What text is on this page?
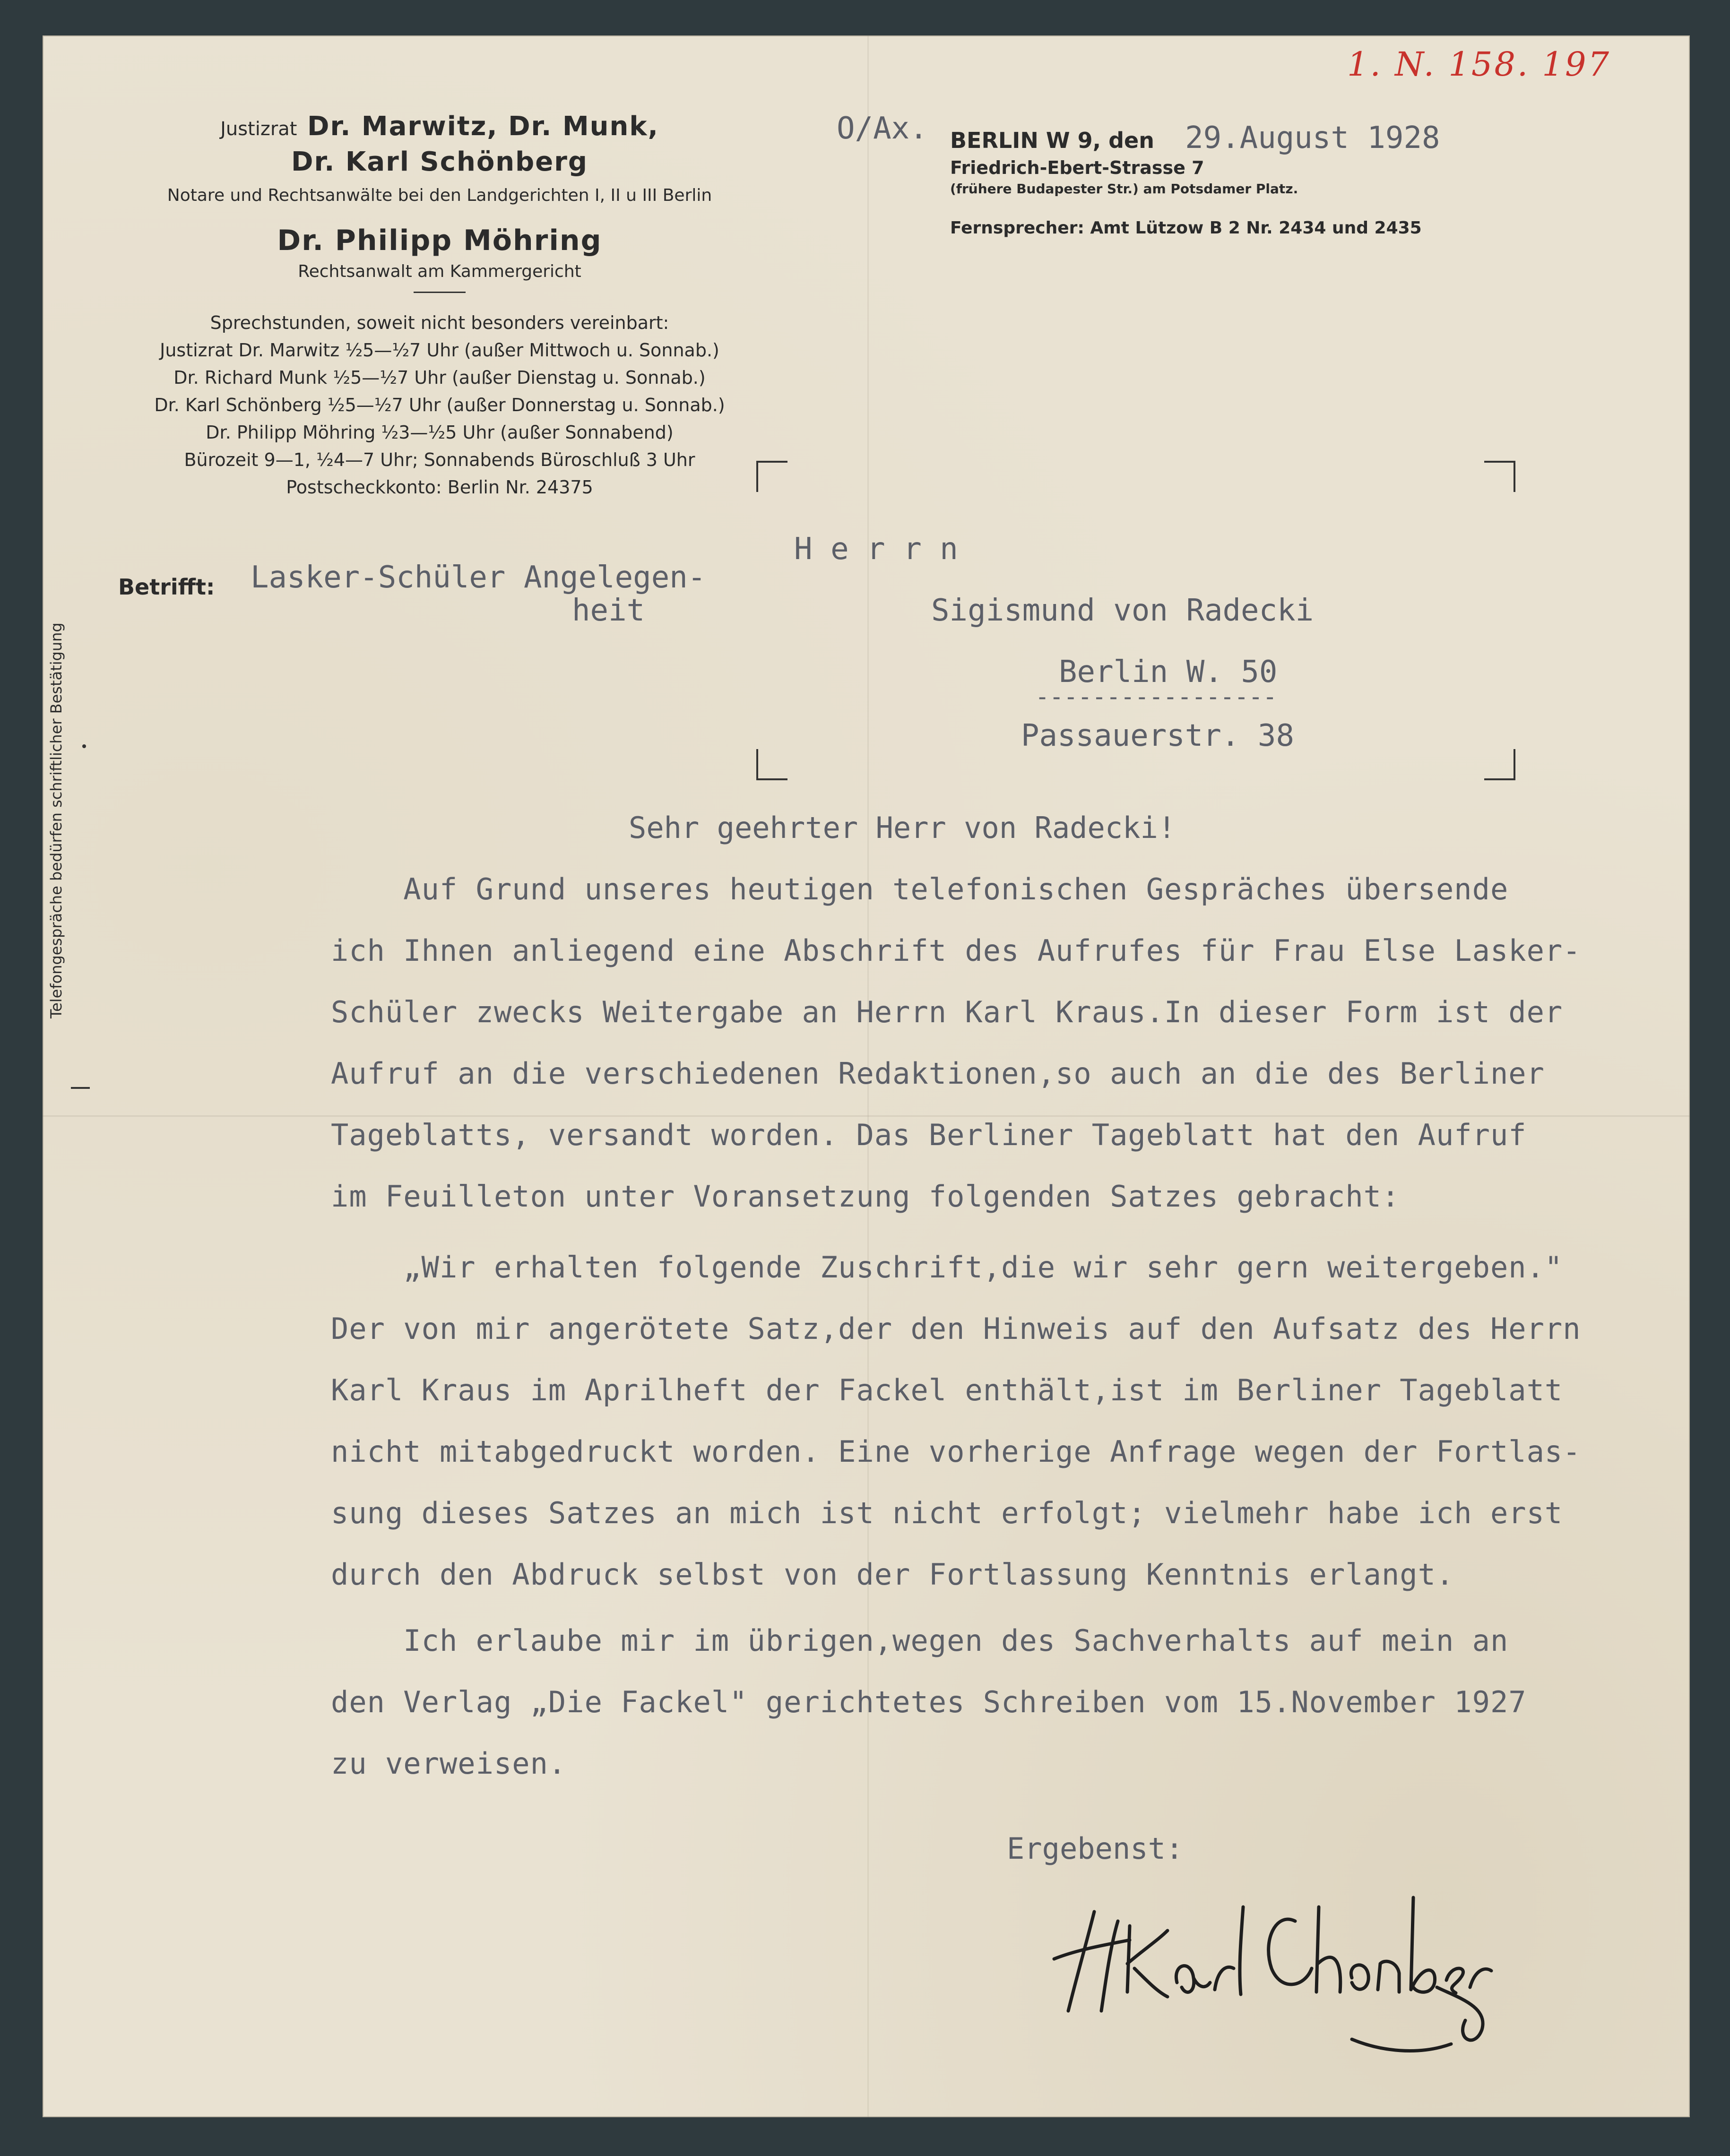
1. N. 158. 197
Justizrat Dr. Marwitz, Dr. Munk,
Dr. Karl Schönberg
Notare und Rechtsanwälte bei den Landgerichten I, II u III Berlin
Dr. Philipp Möhring
Rechtsanwalt am Kammergericht
Sprechstunden, soweit nicht besonders vereinbart:
Justizrat Dr. Marwitz ½5—½7 Uhr (außer Mittwoch u. Sonnab.)
Dr. Richard Munk ½5—½7 Uhr (außer Dienstag u. Sonnab.)
Dr. Karl Schönberg ½5—½7 Uhr (außer Donnerstag u. Sonnab.)
Dr. Philipp Möhring ½3—½5 Uhr (außer Sonnabend)
Bürozeit 9—1, ½4—7 Uhr; Sonnabends Büroschluß 3 Uhr
Postscheckkonto: Berlin Nr. 24375
Telefongespräche bedürfen schriftlicher Bestätigung
O/Ax. BERLIN W 9, den 29.August 1928
Friedrich-Ebert-Strasse 7
(frühere Budapester Str.) am Potsdamer Platz.
Fernsprecher: Amt Lützow B 2 Nr. 2434 und 2435
Betrifft: Lasker-Schüler Angelegen-
heit
H e r r n
Sigismund von Radecki
Berlin W. 50
-----------------
Passauerstr. 38
Sehr geehrter Herr von Radecki!
Auf Grund unseres heutigen telefonischen Gespräches übersende
ich Ihnen anliegend eine Abschrift des Aufrufes für Frau Else Lasker-
Schüler zwecks Weitergabe an Herrn Karl Kraus.In dieser Form ist der
Aufruf an die verschiedenen Redaktionen,so auch an die des Berliner
Tageblatts, versandt worden. Das Berliner Tageblatt hat den Aufruf
im Feuilleton unter Voransetzung folgenden Satzes gebracht:
„Wir erhalten folgende Zuschrift,die wir sehr gern weitergeben."
Der von mir angerötete Satz,der den Hinweis auf den Aufsatz des Herrn
Karl Kraus im Aprilheft der Fackel enthält,ist im Berliner Tageblatt
nicht mitabgedruckt worden. Eine vorherige Anfrage wegen der Fortlas-
sung dieses Satzes an mich ist nicht erfolgt; vielmehr habe ich erst
durch den Abdruck selbst von der Fortlassung Kenntnis erlangt.
Ich erlaube mir im übrigen,wegen des Sachverhalts auf mein an
den Verlag „Die Fackel" gerichtetes Schreiben vom 15.November 1927
zu verweisen.
Ergebenst:
